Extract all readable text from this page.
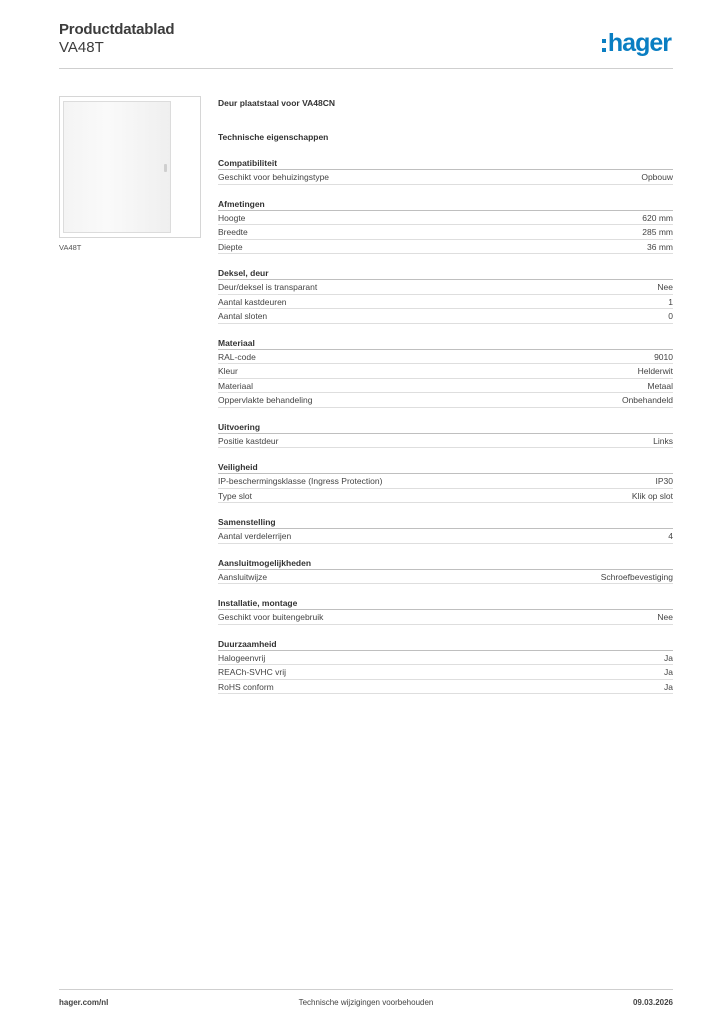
Productdatablad
VA48T	hager
VA48T
Deur plaatstaal voor VA48CN
Technische eigenschappen
Compatibiliteit
Geschikt voor behuizingstype	Opbouw
Afmetingen
Hoogte	620 mm
Breedte	285 mm
Diepte	36 mm
Deksel, deur
Deur/deksel is transparant	Nee
Aantal kastdeuren	1
Aantal sloten	0
Materiaal
RAL-code	9010
Kleur	Helderwit
Materiaal	Metaal
Oppervlakte behandeling	Onbehandeld
Uitvoering
Positie kastdeur	Links
Veiligheid
IP-beschermingsklasse (Ingress Protection)	IP30
Type slot	Klik op slot
Samenstelling
Aantal verdelerrijen	4
Aansluitmogelijkheden
Aansluitwijze	Schroefbevestiging
Installatie, montage
Geschikt voor buitengebruik	Nee
Duurzaamheid
Halogeenvrij	Ja
REACh-SVHC vrij	Ja
RoHS conform	Ja
hager.com/nl	Technische wijzigingen voorbehouden	09.03.2026
